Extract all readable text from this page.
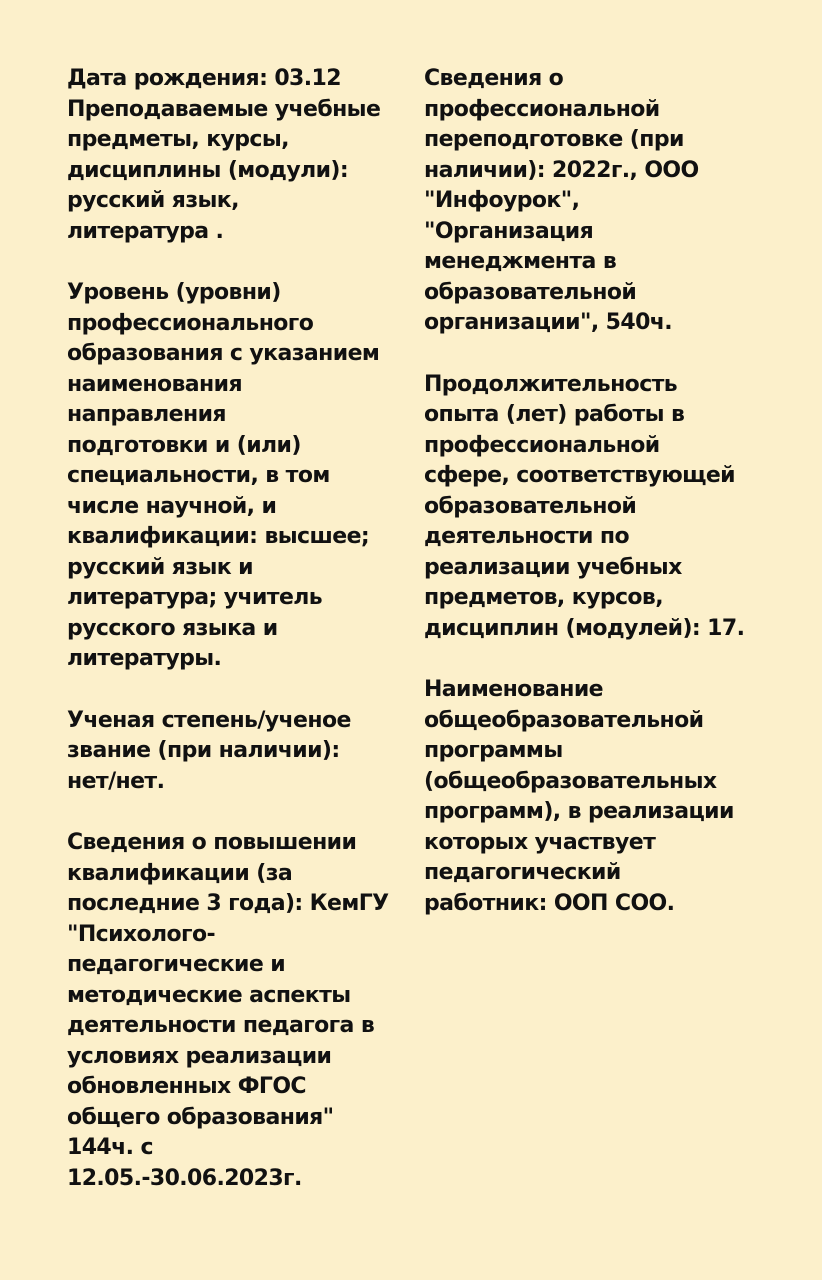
Дата рождения: 03.12
Преподаваемые учебные
предметы, курсы,
дисциплины (модули):
русский язык,
литература .

Уровень (уровни)
профессионального
образования с указанием
наименования
направления
подготовки и (или)
специальности, в том
числе научной, и
квалификации: высшее;
русский язык и
литература; учитель
русского языка и
литературы.

Ученая степень/ученое
звание (при наличии):
нет/нет.

Сведения о повышении
квалификации (за
последние 3 года): КемГУ
"Психолого-
педагогические и
методические аспекты
деятельности педагога в
условиях реализации
обновленных ФГОС
общего образования"
144ч. с
12.05.-30.06.2023г.

Сведения о
профессиональной
переподготовке (при
наличии): 2022г., ООО
"Инфоурок",
"Организация
менеджмента в
образовательной
организации", 540ч.

Продолжительность
опыта (лет) работы в
профессиональной
сфере, соответствующей
образовательной
деятельности по
реализации учебных
предметов, курсов,
дисциплин (модулей): 17.

Наименование
общеобразовательной
программы
(общеобразовательных
программ), в реализации
которых участвует
педагогический
работник: ООП СОО.
